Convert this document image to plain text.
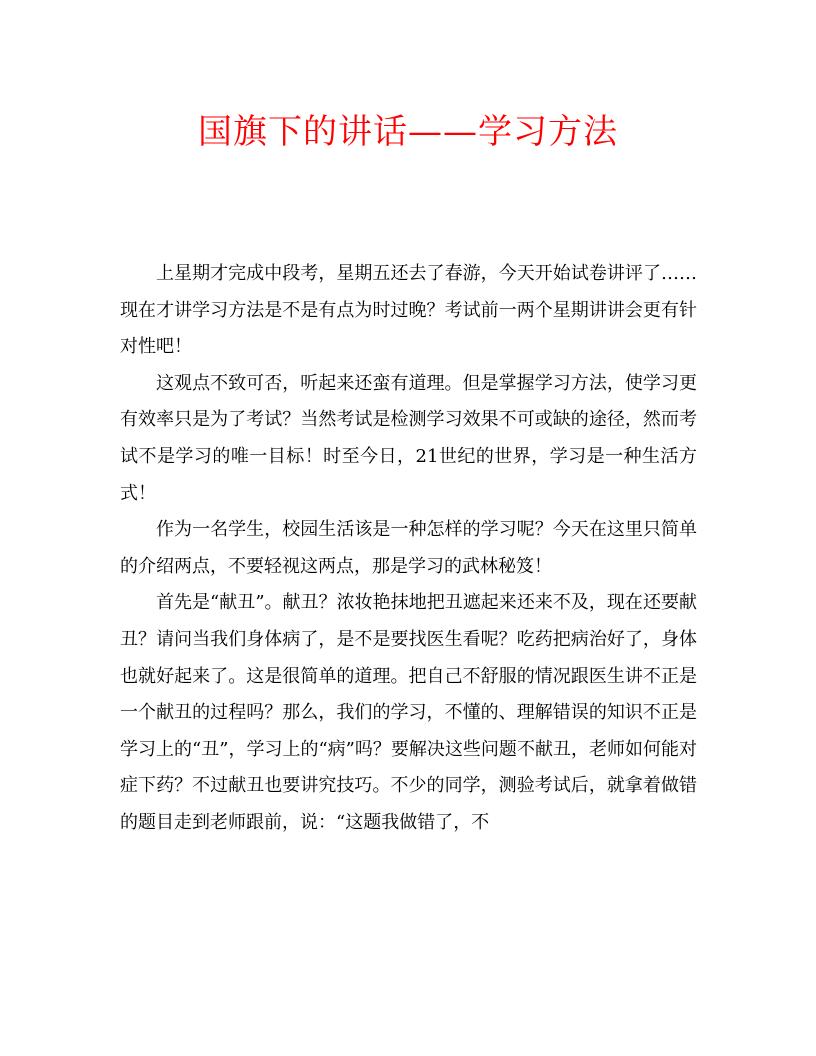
国旗下的讲话——学习方法

上星期才完成中段考，星期五还去了春游，今天开始试卷讲评了……现在才讲学习方法是不是有点为时过晚？考试前一两个星期讲讲会更有针对性吧！

这观点不致可否，听起来还蛮有道理。但是掌握学习方法，使学习更有效率只是为了考试？当然考试是检测学习效果不可或缺的途径，然而考试不是学习的唯一目标！时至今日，21世纪的世界，学习是一种生活方式！

作为一名学生，校园生活该是一种怎样的学习呢？今天在这里只简单的介绍两点，不要轻视这两点，那是学习的武林秘笈！

首先是“献丑”。献丑？浓妆艳抹地把丑遮起来还来不及，现在还要献丑？请问当我们身体病了，是不是要找医生看呢？吃药把病治好了，身体也就好起来了。这是很简单的道理。把自己不舒服的情况跟医生讲不正是一个献丑的过程吗？那么，我们的学习，不懂的、理解错误的知识不正是学习上的“丑”，学习上的“病”吗？要解决这些问题不献丑，老师如何能对症下药？不过献丑也要讲究技巧。不少的同学，测验考试后，就拿着做错的题目走到老师跟前，说：“这题我做错了，不
